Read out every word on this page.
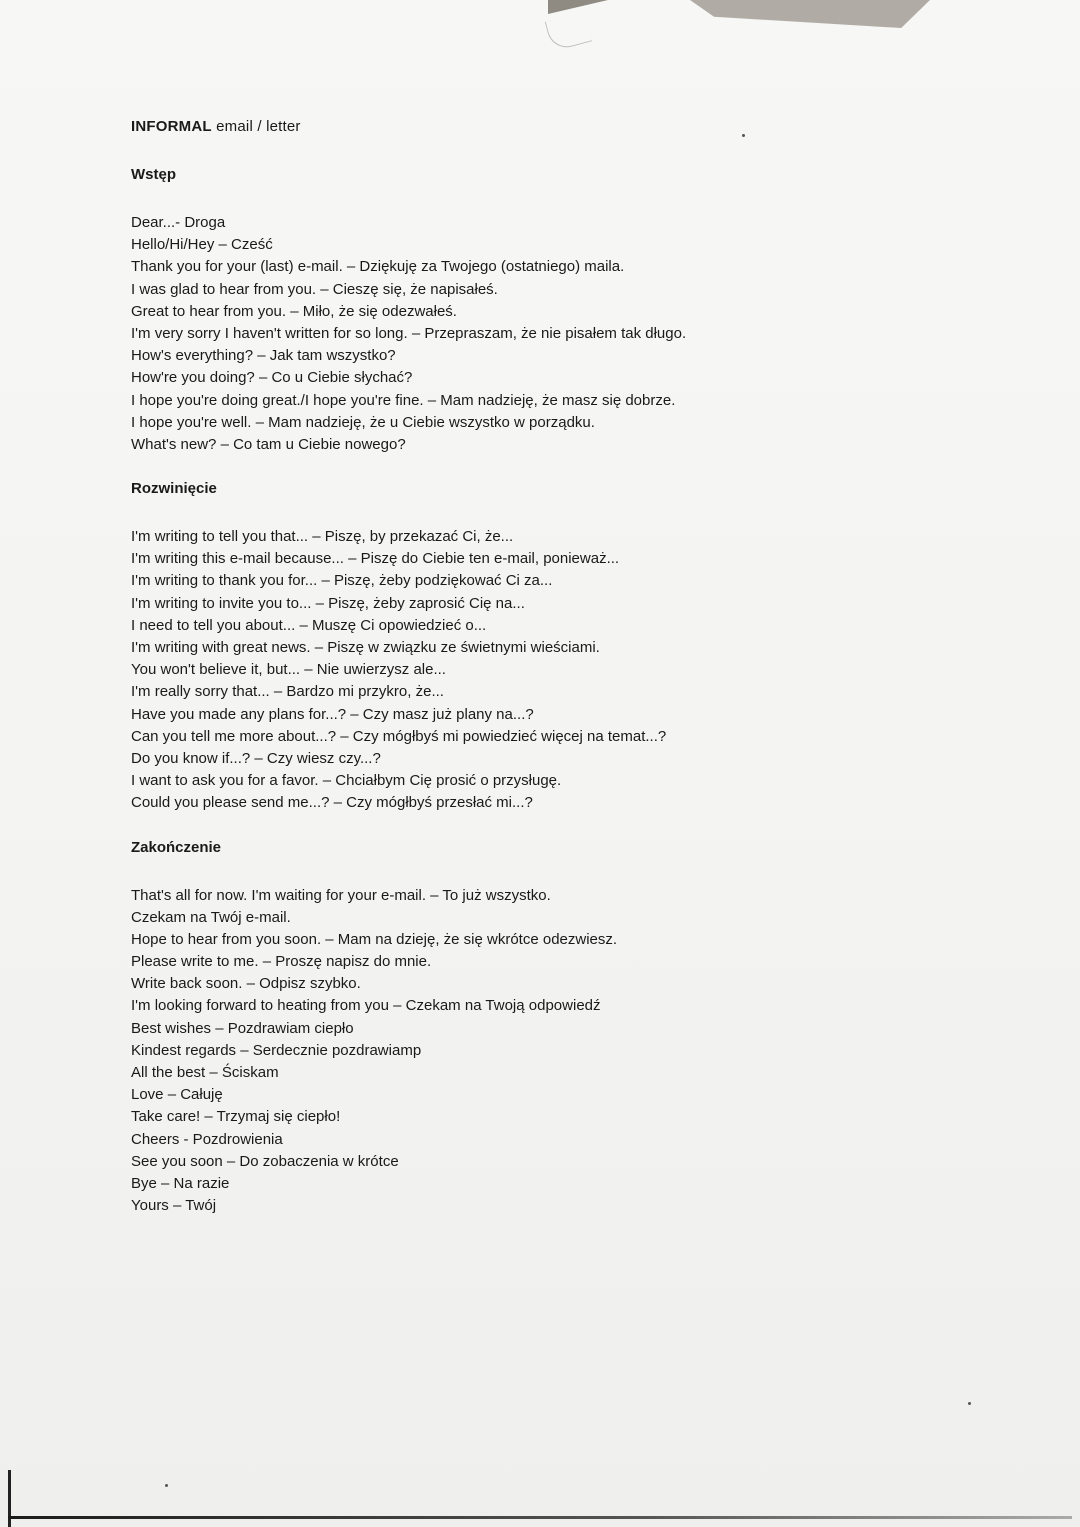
INFORMAL email / letter
Wstęp
Dear...- Droga
Hello/Hi/Hey – Cześć
Thank you for your (last) e-mail. – Dziękuję za Twojego (ostatniego) maila.
I was glad to hear from you. – Cieszę się, że napisałeś.
Great to hear from you. – Miło, że się odezwałeś.
I'm very sorry I haven't written for so long. – Przepraszam, że nie pisałem tak długo.
How's everything? – Jak tam wszystko?
How're you doing? – Co u Ciebie słychać?
I hope you're doing great./I hope you're fine. – Mam nadzieję, że masz się dobrze.
I hope you're well. – Mam nadzieję, że u Ciebie wszystko w porządku.
What's new? – Co tam u Ciebie nowego?
Rozwinięcie
I'm writing to tell you that... – Piszę, by przekazać Ci, że...
I'm writing this e-mail because... – Piszę do Ciebie ten e-mail, ponieważ...
I'm writing to thank you for... – Piszę, żeby podziękować Ci za...
I'm writing to invite you to... – Piszę, żeby zaprosić Cię na...
I need to tell you about... – Muszę Ci opowiedzieć o...
I'm writing with great news. – Piszę w związku ze świetnymi wieściami.
You won't believe it, but... – Nie uwierzysz ale...
I'm really sorry that... – Bardzo mi przykro, że...
Have you made any plans for...? – Czy masz już plany na...?
Can you tell me more about...? – Czy mógłbyś mi powiedzieć więcej na temat...?
Do you know if...? – Czy wiesz czy...?
I want to ask you for a favor. – Chciałbym Cię prosić o przysługę.
Could you please send me...? – Czy mógłbyś przesłać mi...?
Zakończenie
That's all for now. I'm waiting for your e-mail. – To już wszystko.
Czekam na Twój e-mail.
Hope to hear from you soon. – Mam na dzieję, że się wkrótce odezwiesz.
Please write to me. – Proszę napisz do mnie.
Write back soon. – Odpisz szybko.
I'm looking forward to heating from you – Czekam na Twoją odpowiedź
Best wishes – Pozdrawiam ciepło
Kindest regards – Serdecznie pozdrawiamp
All the best – Ściskam
Love – Całuję
Take care! – Trzymaj się ciepło!
Cheers - Pozdrowienia
See you soon – Do zobaczenia w krótce
Bye – Na razie
Yours – Twój
